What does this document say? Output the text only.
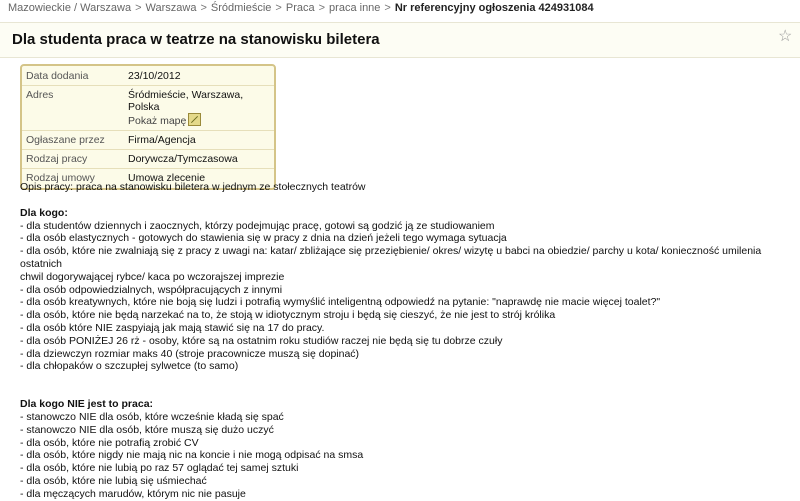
Mazowieckie / Warszawa > Warszawa > Śródmieście > Praca > praca inne > Nr referencyjny ogłoszenia 424931084
Dla studenta praca w teatrze na stanowisku biletera	☆
Data dodania	23/10/2012
Adres	Śródmieście, Warszawa, Polska
Pokaż mapę
Ogłaszane przez	Firma/Agencja
Rodzaj pracy	Dorywcza/Tymczasowa
Rodzaj umowy	Umowa zlecenie

Opis pracy: praca na stanowisku biletera w jednym ze stołecznych teatrów

Dla kogo:

- dla studentów dziennych i zaocznych, którzy podejmując pracę, gotowi są godzić ją ze studiowaniem

- dla osób elastycznych - gotowych do stawienia się w pracy z dnia na dzień jeżeli tego wymaga sytuacja

- dla osób, które nie zwalniają się z pracy z uwagi na: katar/ zbliżające się przeziębienie/ okres/ wizytę u babci na obiedzie/ parchy u kota/ konieczność umilenia ostatnich

chwil dogorywającej rybce/ kaca po wczorajszej imprezie

- dla osób odpowiedzialnych, współpracujących z innymi

- dla osób kreatywnych, które nie boją się ludzi i potrafią wymyślić inteligentną odpowiedź na pytanie: "naprawdę nie macie więcej toalet?"

- dla osób, które nie będą narzekać na to, że stoją w idiotycznym stroju i będą się cieszyć, że nie jest to strój królika

- dla osób które NIE zaspyiają jak mają stawić się na 17 do pracy.

- dla osób PONIŻEJ 26 rż - osoby, które są na ostatnim roku studiów raczej nie będą się tu dobrze czuły

- dla dziewczyn rozmiar maks 40 (stroje pracownicze muszą się dopinać)

- dla chłopaków o szczupłej sylwetce (to samo)

Dla kogo NIE jest to praca:

- stanowczo NIE dla osób, które wcześnie kładą się spać

- stanowczo NIE dla osób, które muszą się dużo uczyć

- dla osób, które nie potrafią zrobić CV

- dla osób, które nigdy nie mają nic na koncie i nie mogą odpisać na smsa

- dla osób, które nie lubią po raz 57 oglądać tej samej sztuki

- dla osób, które nie lubią się uśmiechać

- dla męczących marudów, którym nic nie pasuje
